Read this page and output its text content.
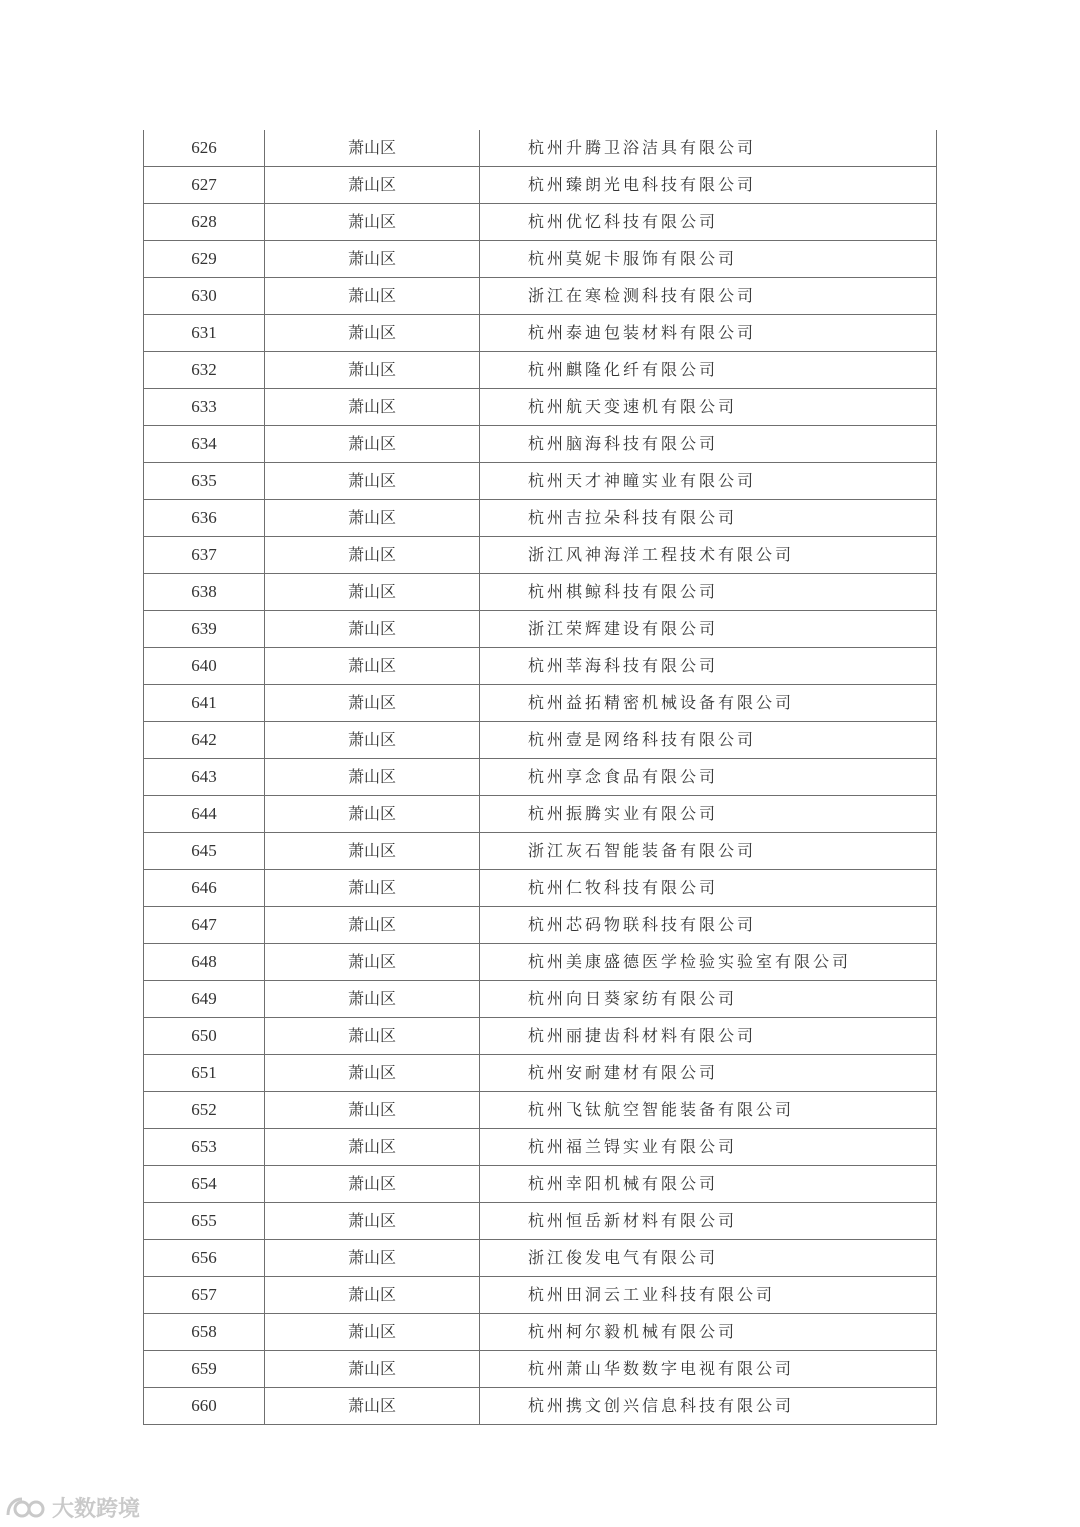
626	萧山区	杭州升腾卫浴洁具有限公司
627	萧山区	杭州臻朗光电科技有限公司
628	萧山区	杭州优忆科技有限公司
629	萧山区	杭州莫妮卡服饰有限公司
630	萧山区	浙江在寒检测科技有限公司
631	萧山区	杭州泰迪包装材料有限公司
632	萧山区	杭州麒隆化纤有限公司
633	萧山区	杭州航天变速机有限公司
634	萧山区	杭州脑海科技有限公司
635	萧山区	杭州天才神瞳实业有限公司
636	萧山区	杭州吉拉朵科技有限公司
637	萧山区	浙江风神海洋工程技术有限公司
638	萧山区	杭州棋鲸科技有限公司
639	萧山区	浙江荣辉建设有限公司
640	萧山区	杭州莘海科技有限公司
641	萧山区	杭州益拓精密机械设备有限公司
642	萧山区	杭州壹是网络科技有限公司
643	萧山区	杭州享念食品有限公司
644	萧山区	杭州振腾实业有限公司
645	萧山区	浙江灰石智能装备有限公司
646	萧山区	杭州仁牧科技有限公司
647	萧山区	杭州芯码物联科技有限公司
648	萧山区	杭州美康盛德医学检验实验室有限公司
649	萧山区	杭州向日葵家纺有限公司
650	萧山区	杭州丽捷齿科材料有限公司
651	萧山区	杭州安耐建材有限公司
652	萧山区	杭州飞钛航空智能装备有限公司
653	萧山区	杭州福兰锝实业有限公司
654	萧山区	杭州幸阳机械有限公司
655	萧山区	杭州恒岳新材料有限公司
656	萧山区	浙江俊发电气有限公司
657	萧山区	杭州田洞云工业科技有限公司
658	萧山区	杭州柯尔毅机械有限公司
659	萧山区	杭州萧山华数数字电视有限公司
660	萧山区	杭州携文创兴信息科技有限公司
大数跨境
